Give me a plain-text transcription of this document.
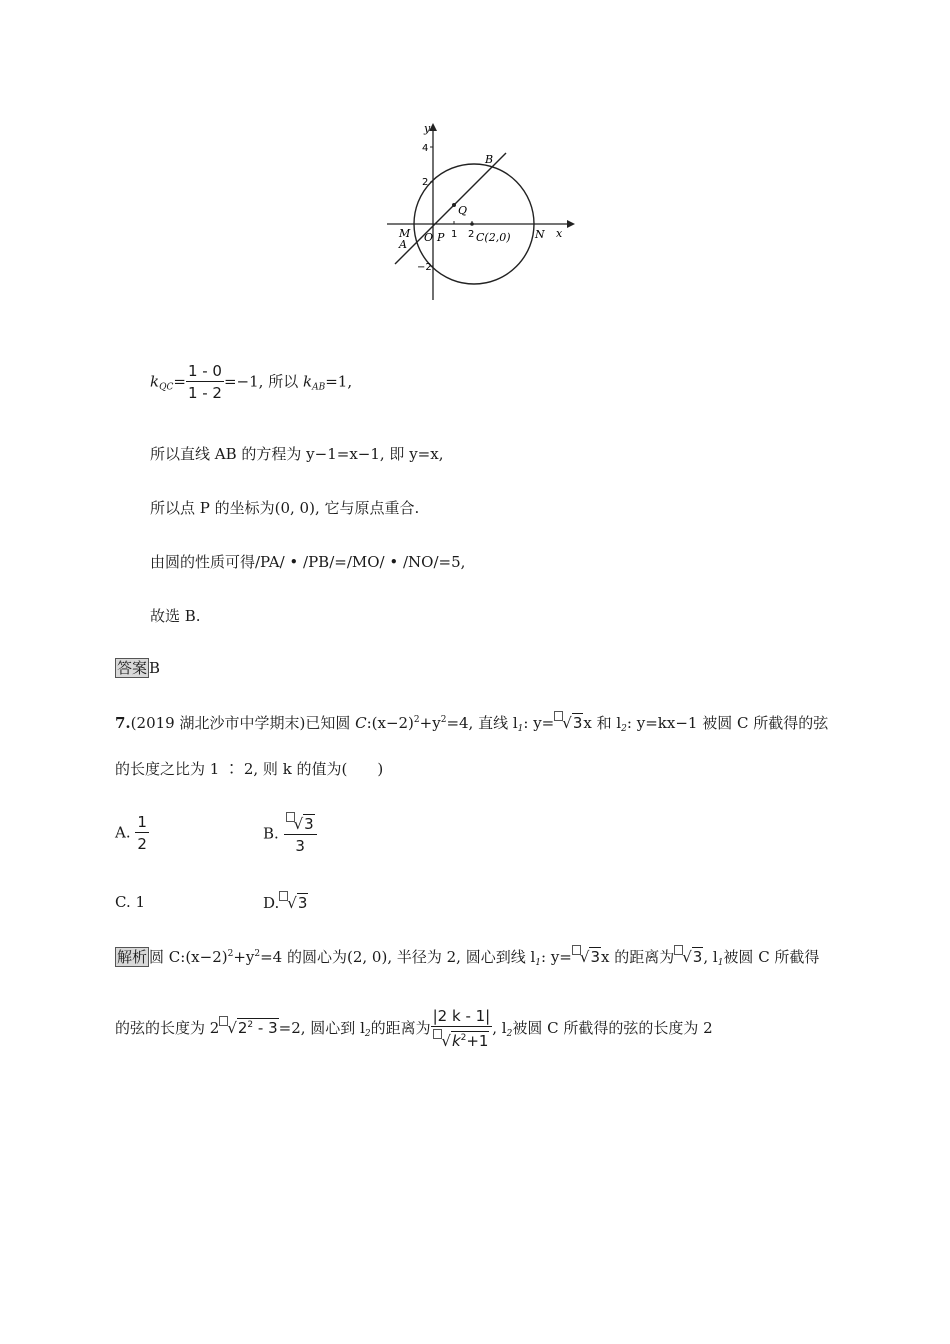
y
x
4
2
−2
1 2
B
Q
M
A
O P	C(2,0) N
$k_{QC}= \frac{1 - 0}{1 - 2} =-1$, 所以 $k_{AB}=1$,
所以直线 AB 的方程为 y−1=x−1, 即 y=x,
所以点 P 的坐标为(0, 0), 它与原点重合.
由圆的性质可得/PA/ • /PB/=/MO/ • /NO/=5,
故选 B.
答案 B
7.(2019 湖北沙市中学期末)已知圆 $C:(x-2)^2+y^2=4$, 直线 $l_1$: y= √3x 和 $l_2$: y=kx−1 被圆 C 所截得的弦
的长度之比为 1 ∶ 2, 则 k 的值为(　　)
A. $\frac{1}{2}$	B. $\frac{√3}{3}$
C. 1	D. √3
解析 圆 $C:(x-2)^2+y^2=4$ 的圆心为(2, 0), 半径为 2, 圆心到线 $l_1$: y= √3x 的距离为 √3, $l_1$被圆 C 所截得
的弦的长度为 2 $√2^2 - 3=2$, 圆心到 $l_2$的距离为 $\frac{|2 k - 1|}{√k^2+1}$ , $l_2$被圆 C 所截得的弦的长度为 2
